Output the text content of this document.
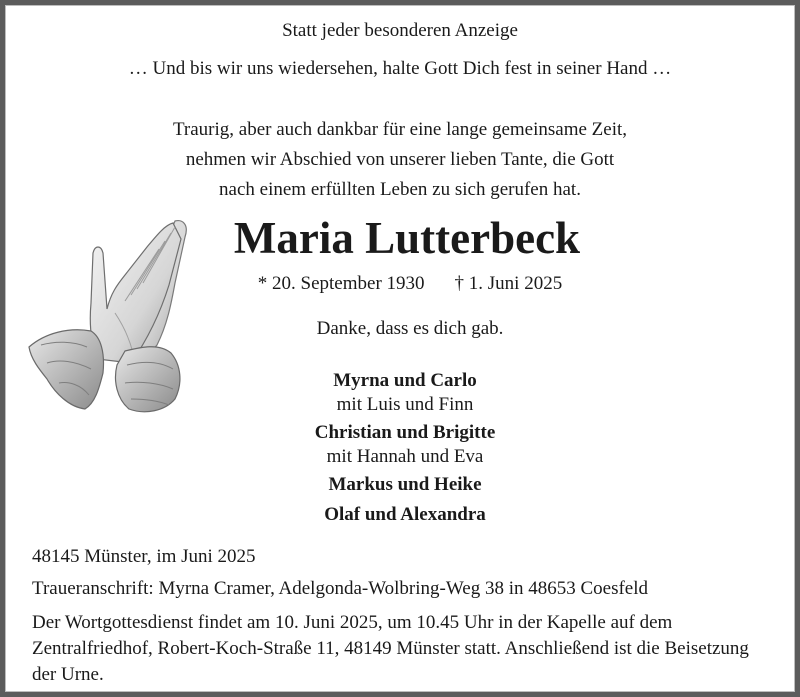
Statt jeder besonderen Anzeige
… Und bis wir uns wiedersehen, halte Gott Dich fest in seiner Hand …
Traurig, aber auch dankbar für eine lange gemeinsame Zeit,
nehmen wir Abschied von unserer lieben Tante, die Gott
nach einem erfüllten Leben zu sich gerufen hat.
Maria Lutterbeck
* 20. September 1930 † 1. Juni 2025
Danke, dass es dich gab.
Myrna und Carlo
mit Luis und Finn
Christian und Brigitte
mit Hannah und Eva
Markus und Heike
Olaf und Alexandra
48145 Münster, im Juni 2025
Traueranschrift: Myrna Cramer, Adelgonda-Wolbring-Weg 38 in 48653 Coesfeld
Der Wortgottesdienst findet am 10. Juni 2025, um 10.45 Uhr in der Kapelle auf dem Zentralfriedhof, Robert-Koch-Straße 11, 48149 Münster statt. Anschließend ist die Beisetzung der Urne.
